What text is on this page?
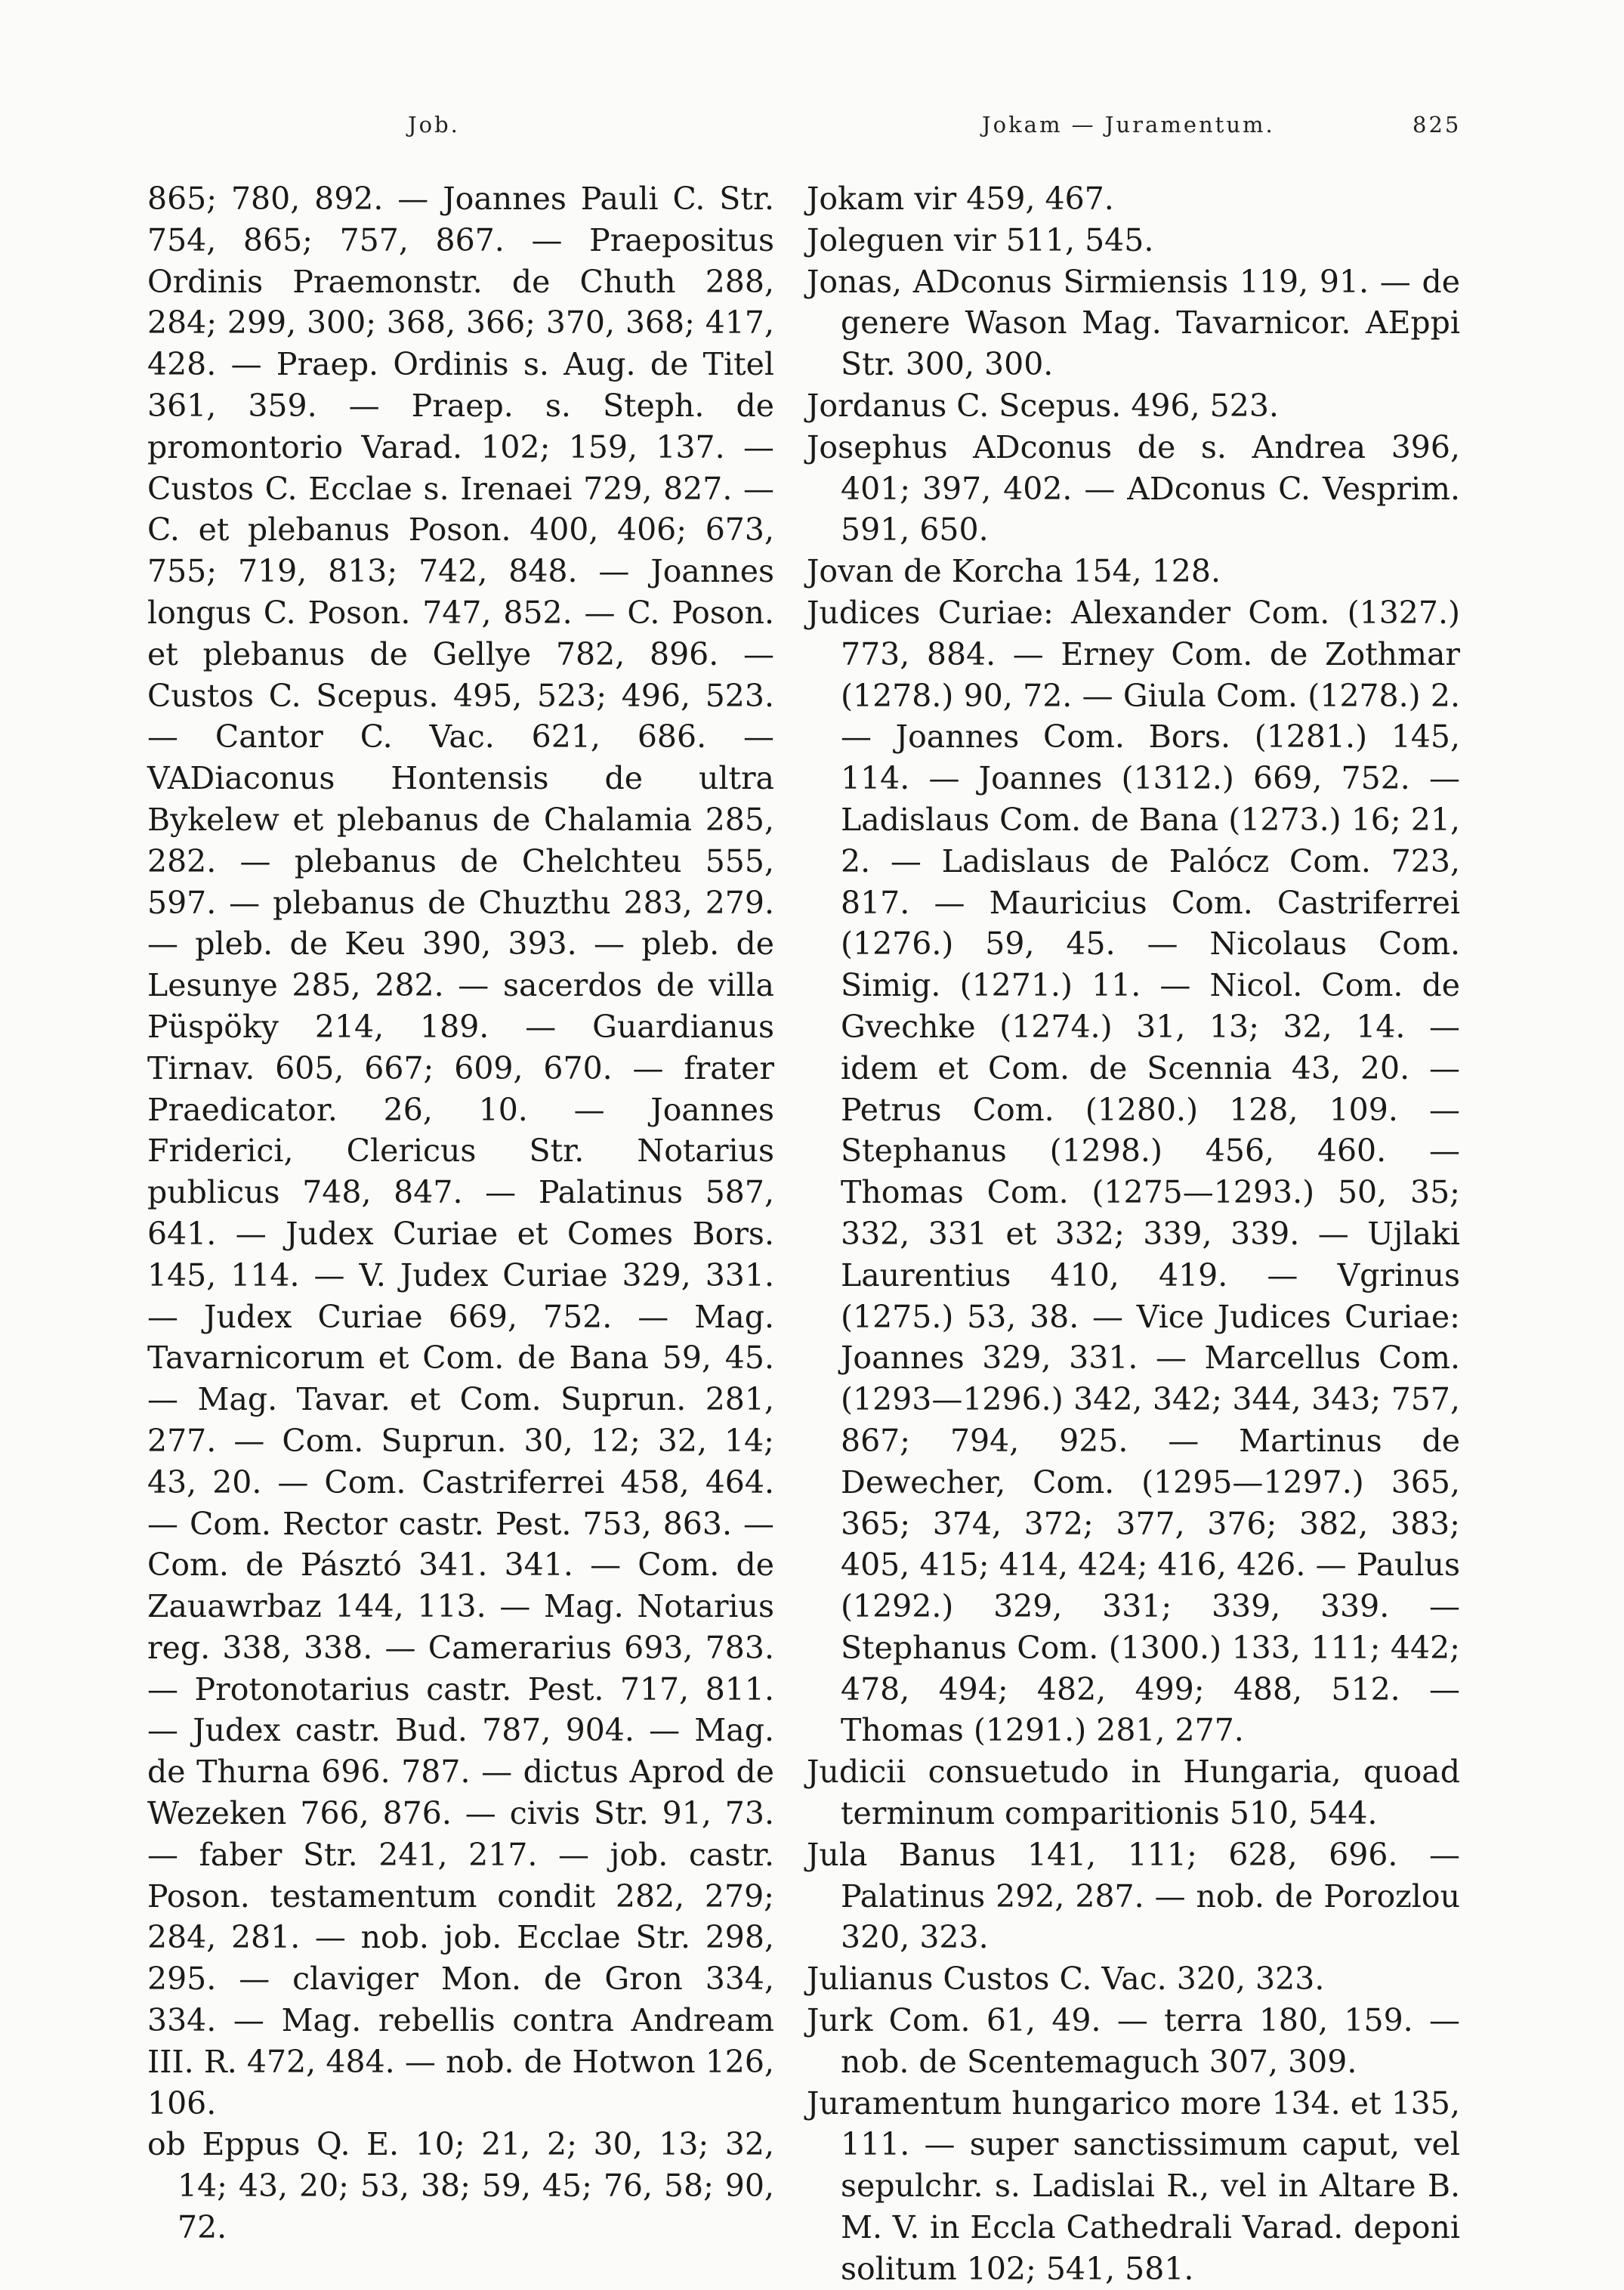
Job.	Jokam — Juramentum.	825

865; 780, 892. — Joannes Pauli C. Str. 754, 865; 757, 867. — Praepositus Ordinis Praemonstr. de Chuth 288, 284; 299, 300; 368, 366; 370, 368; 417, 428. — Praep. Ordinis s. Aug. de Titel 361, 359. — Praep. s. Steph. de promontorio Varad. 102; 159, 137. — Custos C. Ecclae s. Irenaei 729, 827. — C. et plebanus Poson. 400, 406; 673, 755; 719, 813; 742, 848. — Joannes longus C. Poson. 747, 852. — C. Poson. et plebanus de Gellye 782, 896. — Custos C. Scepus. 495, 523; 496, 523. — Cantor C. Vac. 621, 686. — VADiaconus Hontensis de ultra Bykelew et plebanus de Chalamia 285, 282. — plebanus de Chelchteu 555, 597. — plebanus de Chuzthu 283, 279. — pleb. de Keu 390, 393. — pleb. de Lesunye 285, 282. — sacerdos de villa Püspöky 214, 189. — Guardianus Tirnav. 605, 667; 609, 670. — frater Praedicator. 26, 10. — Joannes Friderici, Clericus Str. Notarius publicus 748, 847. — Palatinus 587, 641. — Judex Curiae et Comes Bors. 145, 114. — V. Judex Curiae 329, 331. — Judex Curiae 669, 752. — Mag. Tavarnicorum et Com. de Bana 59, 45. — Mag. Tavar. et Com. Suprun. 281, 277. — Com. Suprun. 30, 12; 32, 14; 43, 20. — Com. Castriferrei 458, 464. — Com. Rector castr. Pest. 753, 863. — Com. de Pásztó 341. 341. — Com. de Zauawrbaz 144, 113. — Mag. Notarius reg. 338, 338. — Camerarius 693, 783. — Protonotarius castr. Pest. 717, 811. — Judex castr. Bud. 787, 904. — Mag. de Thurna 696. 787. — dictus Aprod de Wezeken 766, 876. — civis Str. 91, 73. — faber Str. 241, 217. — job. castr. Poson. testamentum condit 282, 279; 284, 281. — nob. job. Ecclae Str. 298, 295. — claviger Mon. de Gron 334, 334. — Mag. rebellis contra Andream III. R. 472, 484. — nob. de Hotwon 126, 106.

ob Eppus Q. E. 10; 21, 2; 30, 13; 32, 14; 43, 20; 53, 38; 59, 45; 76, 58; 90, 72.

Jokam vir 459, 467.

Joleguen vir 511, 545.

Jonas, ADconus Sirmiensis 119, 91. — de genere Wason Mag. Tavarnicor. AEppi Str. 300, 300.

Jordanus C. Scepus. 496, 523.

Josephus ADconus de s. Andrea 396, 401; 397, 402. — ADconus C. Vesprim. 591, 650.

Jovan de Korcha 154, 128.

Judices Curiae: Alexander Com. (1327.) 773, 884. — Erney Com. de Zothmar (1278.) 90, 72. — Giula Com. (1278.) 2. — Joannes Com. Bors. (1281.) 145, 114. — Joannes (1312.) 669, 752. — Ladislaus Com. de Bana (1273.) 16; 21, 2. — Ladislaus de Palócz Com. 723, 817. — Mauricius Com. Castriferrei (1276.) 59, 45. — Nicolaus Com. Simig. (1271.) 11. — Nicol. Com. de Gvechke (1274.) 31, 13; 32, 14. — idem et Com. de Scennia 43, 20. — Petrus Com. (1280.) 128, 109. — Stephanus (1298.) 456, 460. — Thomas Com. (1275—1293.) 50, 35; 332, 331 et 332; 339, 339. — Ujlaki Laurentius 410, 419. — Vgrinus (1275.) 53, 38. — Vice Judices Curiae: Joannes 329, 331. — Marcellus Com. (1293—1296.) 342, 342; 344, 343; 757, 867; 794, 925. — Martinus de Dewecher, Com. (1295—1297.) 365, 365; 374, 372; 377, 376; 382, 383; 405, 415; 414, 424; 416, 426. — Paulus (1292.) 329, 331; 339, 339. — Stephanus Com. (1300.) 133, 111; 442; 478, 494; 482, 499; 488, 512. — Thomas (1291.) 281, 277.

Judicii consuetudo in Hungaria, quoad terminum comparitionis 510, 544.

Jula Banus 141, 111; 628, 696. — Palatinus 292, 287. — nob. de Porozlou 320, 323.

Julianus Custos C. Vac. 320, 323.

Jurk Com. 61, 49. — terra 180, 159. — nob. de Scentemaguch 307, 309.

Juramentum hungarico more 134. et 135, 111. — super sanctissimum caput, vel sepulchr. s. Ladislai R., vel in Altare B. M. V. in Eccla Cathedrali Varad. deponi solitum 102; 541, 581.
